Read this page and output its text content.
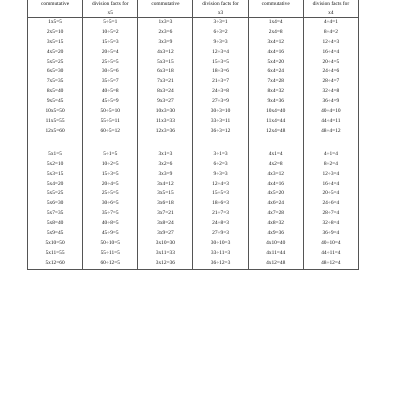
commutative	division facts for	commutative	division facts for	commutative	division facts for
	x5		x3		x4
1x5=5	5÷5=1	1x3=3	3÷3=1	1x4=4	4÷4=1
2x5=10	10÷5=2	2x3=6	6÷3=2	2x4=8	8÷4=2
3x5=15	15÷5=3	3x3=9	9÷3=3	3x4=12	12÷4=3
4x5=20	20÷5=4	4x3=12	12÷3=4	4x4=16	16÷4=4
5x5=25	25÷5=5	5x3=15	15÷3=5	5x4=20	20÷4=5
6x5=30	30÷5=6	6x3=18	18÷3=6	6x4=24	24÷4=6
7x5=35	35÷5=7	7x3=21	21÷3=7	7x4=28	28÷4=7
8x5=40	40÷5=8	8x3=24	24÷3=8	8x4=32	32÷4=8
9x5=45	45÷5=9	9x3=27	27÷3=9	9x4=36	36÷4=9
10x5=50	50÷5=10	10x3=30	30÷3=10	10x4=40	40÷4=10
11x5=55	55÷5=11	11x3=33	33÷3=11	11x4=44	44÷4=11
12x5=60	60÷5=12	12x3=36	36÷3=12	12x4=48	48÷4=12

5x1=5	5÷1=5	3x1=3	3÷1=3	4x1=4	4÷1=4
5x2=10	10÷2=5	3x2=6	6÷2=3	4x2=8	8÷2=4
5x3=15	15÷3=5	3x3=9	9÷3=3	4x3=12	12÷3=4
5x4=20	20÷4=5	3x4=12	12÷4=3	4x4=16	16÷4=4
5x5=25	25÷5=5	3x5=15	15÷5=3	4x5=20	20÷5=4
5x6=30	30÷6=5	3x6=18	18÷6=3	4x6=24	24÷6=4
5x7=35	35÷7=5	3x7=21	21÷7=3	4x7=28	28÷7=4
5x8=40	40÷8=5	3x8=24	24÷8=3	4x8=32	32÷8=4
5x9=45	45÷9=5	3x9=27	27÷9=3	4x9=36	36÷9=4
5x10=50	50÷10=5	3x10=30	30÷10=3	4x10=40	40÷10=4
5x11=55	55÷11=5	3x11=33	33÷11=3	4x11=44	44÷11=4
5x12=60	60÷12=5	3x12=36	36÷12=3	4x12=48	48÷12=4
